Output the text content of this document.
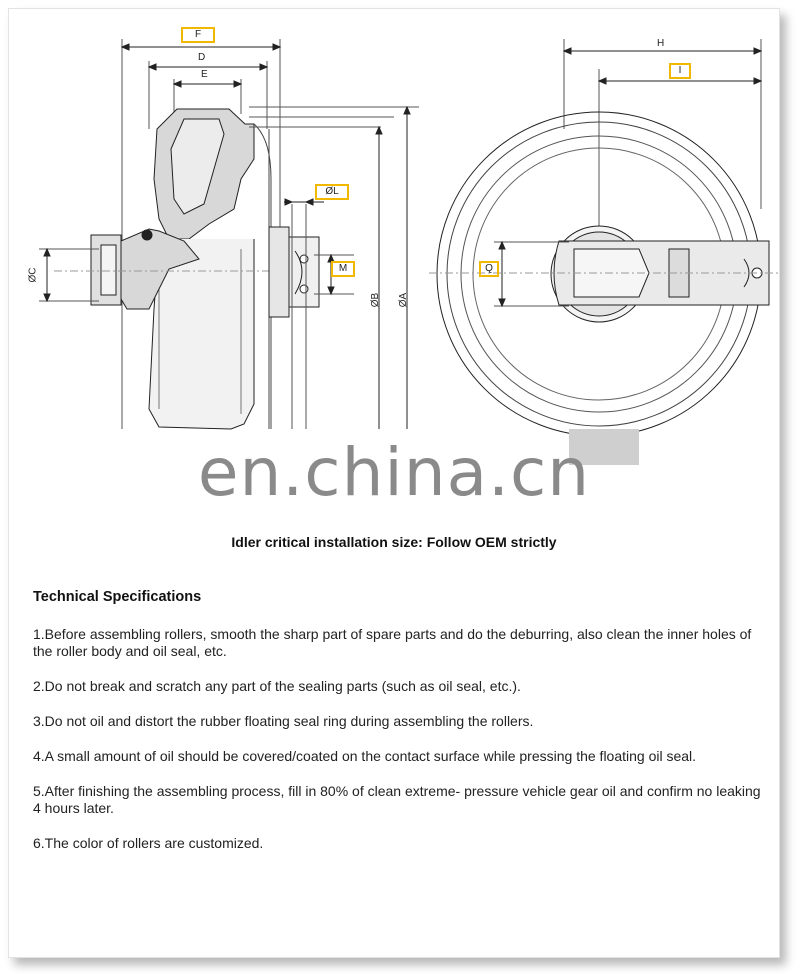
F
D
E
ØC
ØL
M
ØB ØA
H
I
Q
en.china.cn
Idler critical installation size: Follow OEM strictly
Technical Specifications

1.Before assembling rollers, smooth the sharp part of spare parts and do the deburring, also clean the inner holes of the roller body and oil seal, etc.

2.Do not break and scratch any part of the sealing parts (such as oil seal, etc.).

3.Do not oil and distort the rubber floating seal ring during assembling the rollers.

4.A small amount of oil should be covered/coated on the contact surface while pressing the floating oil seal.

5.After finishing the assembling process, fill in 80% of clean extreme- pressure vehicle gear oil and confirm no leaking 4 hours later.

6.The color of rollers are customized.
